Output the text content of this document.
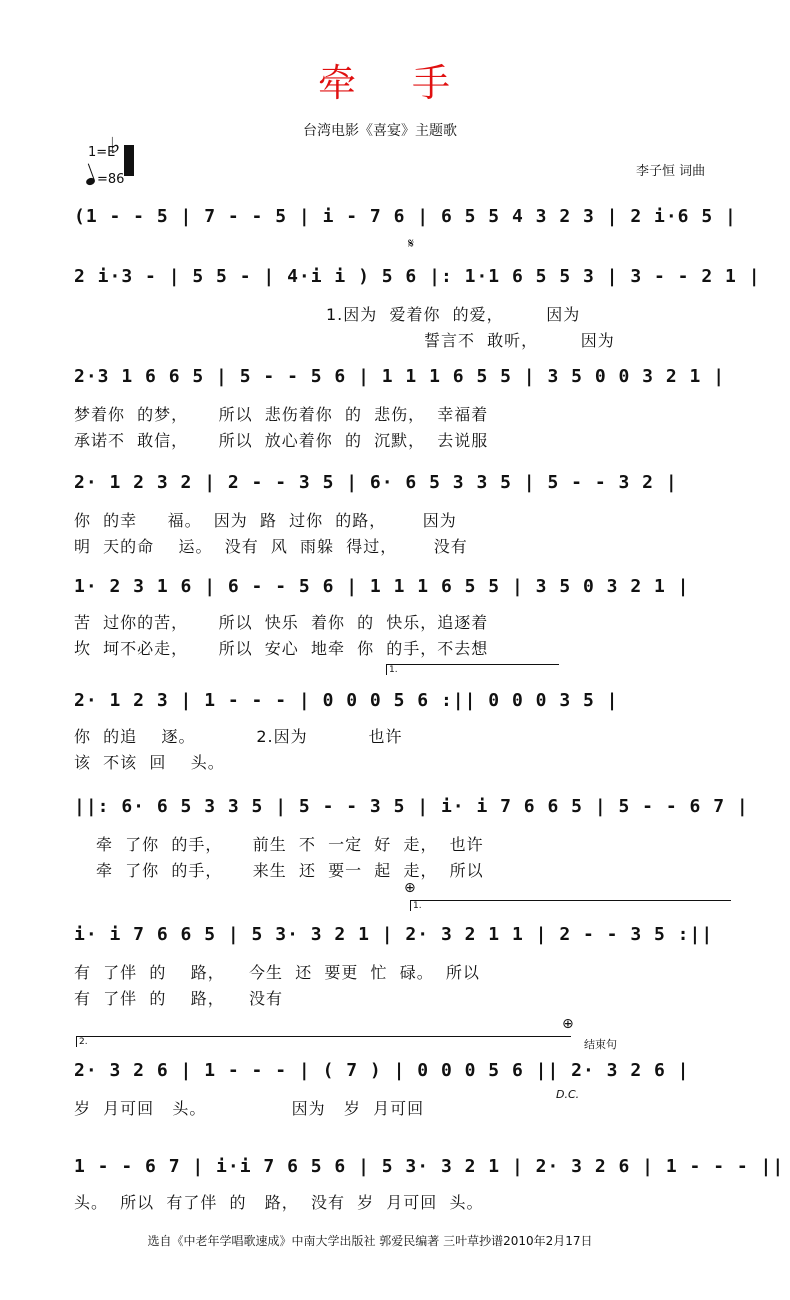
牵 手
台湾电影《喜宴》主题歌
1=E
♭
=86
李子恒 词曲
(1 - - 5 | 7 - - 5 | i - 7 6 | 6 5 5 4 3 2 3 | 2 i·6 5 |
𝄋
2 i·3 - | 5 5 - | 4·i i ) 5 6 |: 1·1 6 5 5 3 | 3 - - 2 1 |
1.因为  爱着你  的爱，       因为
誓言不  敢听，       因为
2·3 1 6 6 5 | 5 - - 5 6 | 1 1 1 6 5 5 | 3 5 0 0 3 2 1 |
梦着你  的梦，     所以  悲伤着你  的  悲伤，  幸福着
承诺不  敢信，     所以  放心着你  的  沉默，  去说服
2· 1 2 3 2 | 2 - - 3 5 | 6· 6 5 3 3 5 | 5 - - 3 2 |
你  的幸     福。  因为  路  过你  的路，      因为
明  天的命    运。  没有  风  雨躲  得过，      没有
1· 2 3 1 6 | 6 - - 5 6 | 1 1 1 6 5 5 | 3 5 0 3 2 1 |
苦  过你的苦，     所以  快乐  着你  的  快乐，追逐着
坎  坷不必走，     所以  安心  地牵  你  的手，不去想
1.
2· 1 2 3 | 1 - - - | 0 0 0 5 6 :|| 0 0 0 3 5 |
你  的追    逐。          2.因为          也许
该  不该  回    头。
||: 6· 6 5 3 3 5 | 5 - - 3 5 | i· i 7 6 6 5 | 5 - - 6 7 |
牵  了你  的手，     前生  不  一定  好  走，  也许
牵  了你  的手，     来生  还  要一  起  走，  所以
⊕
1.
i· i 7 6 6 5 | 5 3· 3 2 1 | 2· 3 2 1 1 | 2 - - 3 5 :||
有  了伴  的    路，    今生  还  要更  忙  碌。  所以
有  了伴  的    路，    没有
2.
⊕
结束句
2· 3 2 6 | 1 - - - | ( 7 ) | 0 0 0 5 6 || 2· 3 2 6 |
D.C.
岁  月可回   头。              因为   岁  月可回
1 - - 6 7 | i·i 7 6 5 6 | 5 3· 3 2 1 | 2· 3 2 6 | 1 - - - ||
头。  所以  有了伴  的   路，  没有  岁  月可回  头。
选自《中老年学唱歌速成》中南大学出版社 郭爱民编著 三叶草抄谱2010年2月17日
